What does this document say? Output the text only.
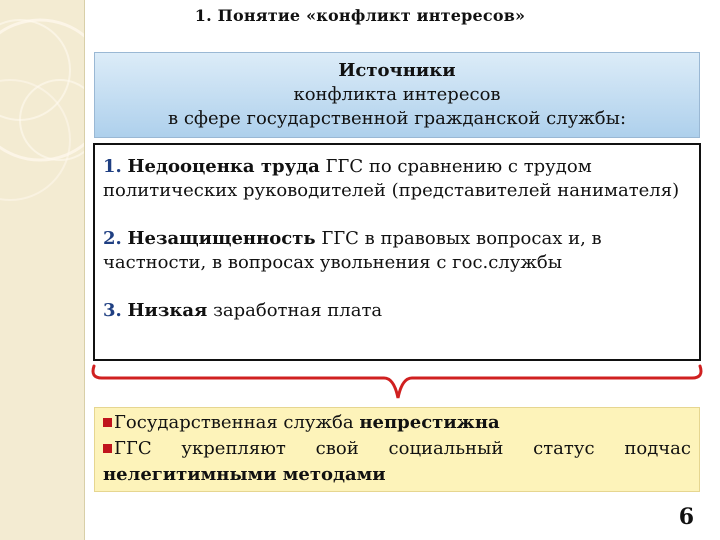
1. Понятие «конфликт интересов»
Источники
конфликта интересов
в сфере государственной гражданской службы:

1. Недооценка труда ГГС по сравнению с трудом политических руководителей (представителей нанимателя)

2. Незащищенность ГГС в правовых вопросах и, в частности, в вопросах увольнения с гос.службы

3. Низкая заработная плата

Государственная служба непрестижна
ГГС укрепляют свой социальный статус подчас
нелегитимными методами
6
